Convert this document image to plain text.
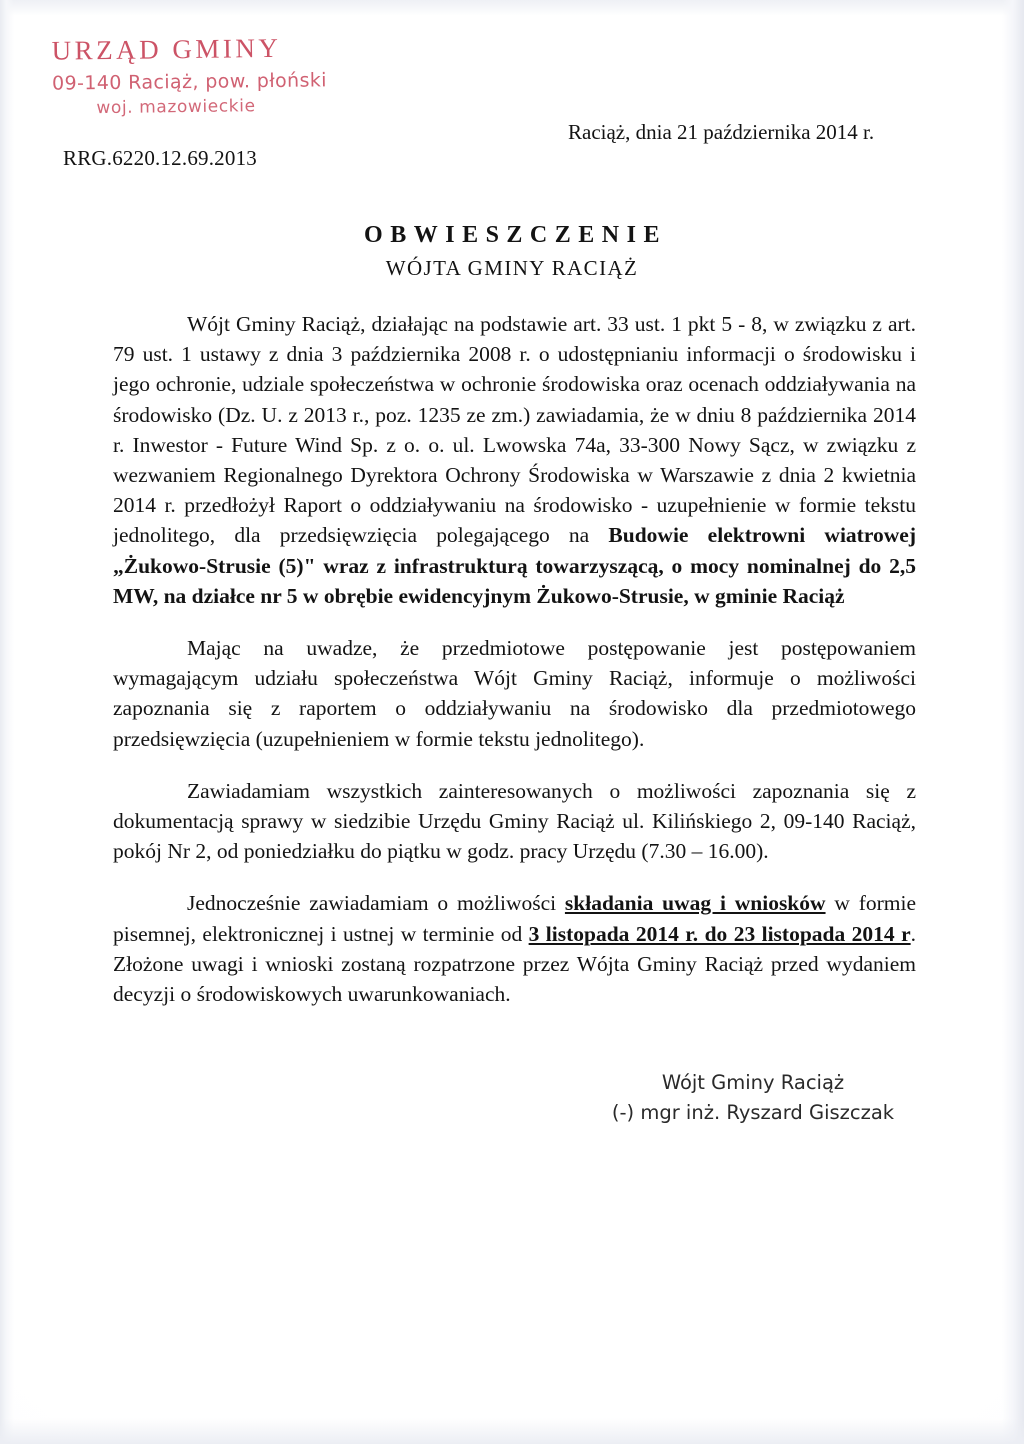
URZĄD GMINY
09-140 Raciąż, pow. płoński
woj. mazowieckie
RRG.6220.12.69.2013
Raciąż, dnia 21 października 2014 r.
OBWIESZCZENIE
WÓJTA GMINY RACIĄŻ

Wójt Gminy Raciąż, działając na podstawie art. 33 ust. 1 pkt 5 - 8, w związku z art. 79 ust. 1 ustawy z dnia 3 października 2008 r. o udostępnianiu informacji o środowisku i jego ochronie, udziale społeczeństwa w ochronie środowiska oraz ocenach oddziaływania na środowisko (Dz. U. z 2013 r., poz. 1235 ze zm.) zawiadamia, że w dniu 8 października 2014 r. Inwestor - Future Wind Sp. z o. o. ul. Lwowska 74a, 33-300 Nowy Sącz, w związku z wezwaniem Regionalnego Dyrektora Ochrony Środowiska w Warszawie z dnia 2 kwietnia 2014 r. przedłożył Raport o oddziaływaniu na środowisko - uzupełnienie w formie tekstu jednolitego, dla przedsięwzięcia polegającego na Budowie elektrowni wiatrowej „Żukowo-Strusie (5)" wraz z infrastrukturą towarzyszącą, o mocy nominalnej do 2,5 MW, na działce nr 5 w obrębie ewidencyjnym Żukowo-Strusie, w gminie Raciąż

Mając na uwadze, że przedmiotowe postępowanie jest postępowaniem wymagającym udziału społeczeństwa Wójt Gminy Raciąż, informuje o możliwości zapoznania się z raportem o oddziaływaniu na środowisko dla przedmiotowego przedsięwzięcia (uzupełnieniem w formie tekstu jednolitego).

Zawiadamiam wszystkich zainteresowanych o możliwości zapoznania się z dokumentacją sprawy w siedzibie Urzędu Gminy Raciąż ul. Kilińskiego 2, 09-140 Raciąż, pokój Nr 2, od poniedziałku do piątku w godz. pracy Urzędu (7.30 – 16.00).

Jednocześnie zawiadamiam o możliwości składania uwag i wniosków w formie pisemnej, elektronicznej i ustnej w terminie od 3 listopada 2014 r. do 23 listopada 2014 r. Złożone uwagi i wnioski zostaną rozpatrzone przez Wójta Gminy Raciąż przed wydaniem decyzji o środowiskowych uwarunkowaniach.

Wójt Gminy Raciąż
(-) mgr inż. Ryszard Giszczak
